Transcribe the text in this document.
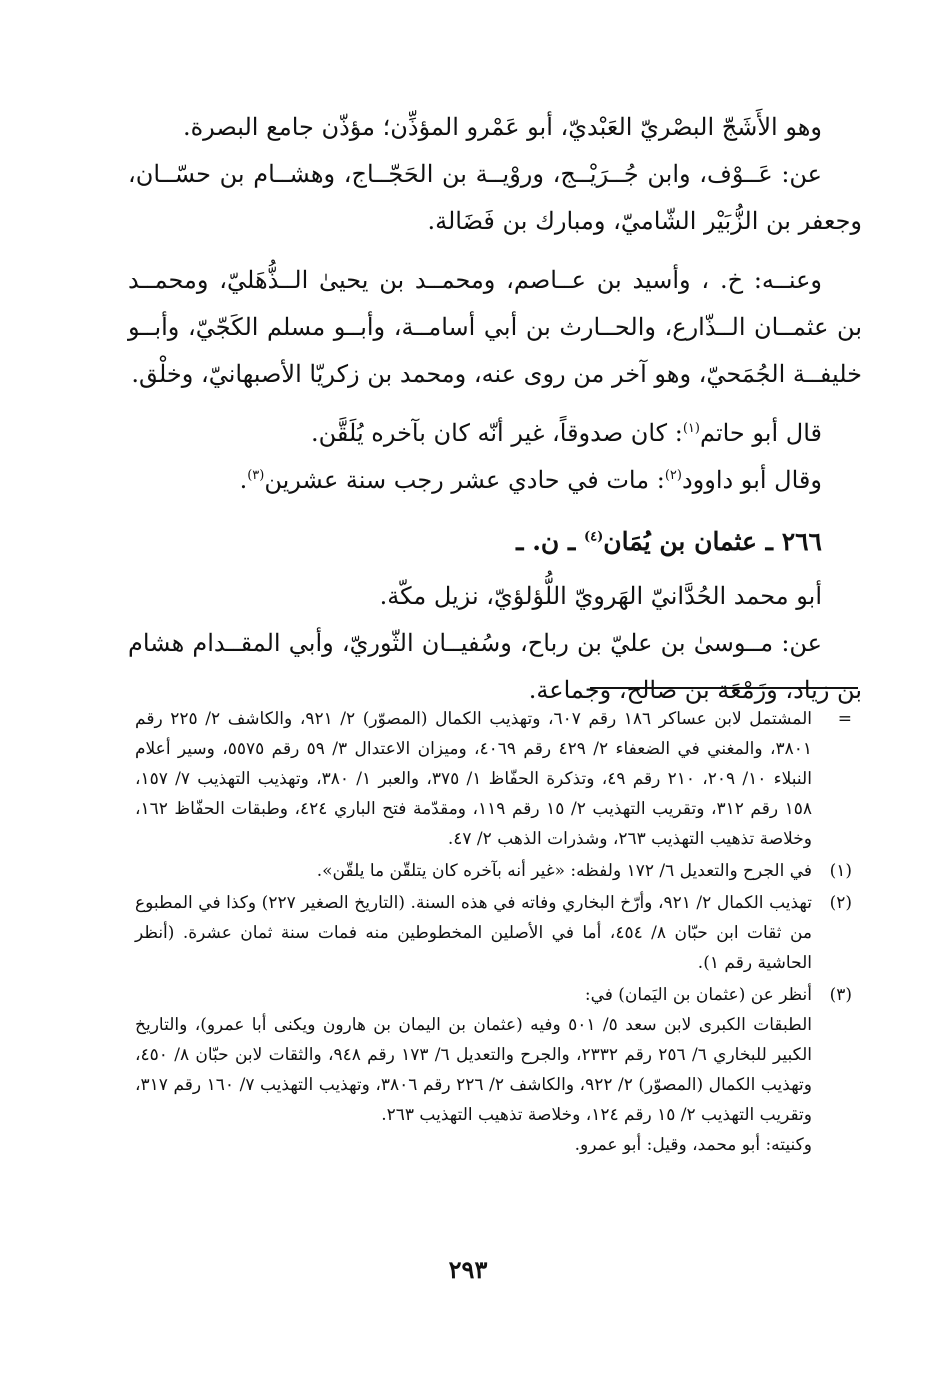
وهو الأَشَجّ البصْريّ العَبْديّ، أبو عَمْرو المؤذِّن؛ مؤذّن جامع البصرة.

عن: عَــوْف، وابن جُــرَيْــج، وروْيــة بن الحَجّــاج، وهشــام بن حسّــان، وجعفر بن الزُّبَيْر الشّاميّ، ومبارك بن فَضَالة.

وعنــه: خ. ، وأسيد بن عــاصم، ومحمــد بن يحيىٰ الــذُّهَليّ، ومحمــد بن عثمــان الــذّارع، والحــارث بن أبي أسامــة، وأبــو مسلم الكَجّيّ، وأبــو خليفــة الجُمَحيّ، وهو آخر من روى عنه، ومحمد بن زكريّا الأصبهانيّ، وخلْق.

قال أبو حاتم$^{(١)}$: كان صدوقاً، غير أنّه كان بآخره يُلَقَّن.

وقال أبو داوود$^{(٢)}$: مات في حادي عشر رجب سنة عشرين$^{(٣)}$.

٢٦٦ ـ عثمان بن يُمَان$^{(٤)}$ ـ ن. ـ

أبو محمد الحُدَّانيّ الهَرويّ اللُّؤلؤيّ، نزيل مكّة.

عن: مــوسىٰ بن عليّ بن رباح، وسُفيــان الثّوريّ، وأبي المقــدام هشام بن زياد، وزَمْعَة بن صالح، وجماعة.

=
المشتمل لابن عساكر ١٨٦ رقم ٦٠٧، وتهذيب الكمال (المصوّر) ٢/ ٩٢١، والكاشف ٢/ ٢٢٥ رقم ٣٨٠١، والمغني في الضعفاء ٢/ ٤٢٩ رقم ٤٠٦٩، وميزان الاعتدال ٣/ ٥٩ رقم ٥٥٧٥، وسير أعلام النبلاء ١٠/ ٢٠٩، ٢١٠ رقم ٤٩، وتذكرة الحفّاظ ١/ ٣٧٥، والعبر ١/ ٣٨٠، وتهذيب التهذيب ٧/ ١٥٧، ١٥٨ رقم ٣١٢، وتقريب التهذيب ٢/ ١٥ رقم ١١٩، ومقدّمة فتح الباري ٤٢٤، وطبقات الحفّاظ ١٦٢، وخلاصة تذهيب التهذيب ٢٦٣، وشذرات الذهب ٢/ ٤٧.
(١)
في الجرح والتعديل ٦/ ١٧٢ ولفظه: «غير أنه بآخره كان يتلقّن ما يلقّن».
(٢)
تهذيب الكمال ٢/ ٩٢١، وأرّخ البخاري وفاته في هذه السنة. (التاريخ الصغير ٢٢٧) وكذا في المطبوع من ثقات ابن حبّان ٨/ ٤٥٤، أما في الأصلين المخطوطين منه فمات سنة ثمان عشرة. (أنظر الحاشية رقم ١).
(٣)

أنظر عن (عثمان بن اليَمان) في:

الطبقات الكبرى لابن سعد ٥/ ٥٠١ وفيه (عثمان بن اليمان بن هارون ويكنى أبا عمرو)، والتاريخ الكبير للبخاري ٦/ ٢٥٦ رقم ٢٣٣٢، والجرح والتعديل ٦/ ١٧٣ رقم ٩٤٨، والثقات لابن حبّان ٨/ ٤٥٠، وتهذيب الكمال (المصوّر) ٢/ ٩٢٢، والكاشف ٢/ ٢٢٦ رقم ٣٨٠٦، وتهذيب التهذيب ٧/ ١٦٠ رقم ٣١٧، وتقريب التهذيب ٢/ ١٥ رقم ١٢٤، وخلاصة تذهيب التهذيب ٢٦٣.

وكنيته: أبو محمد، وقيل: أبو عمرو.

٢٩٣
